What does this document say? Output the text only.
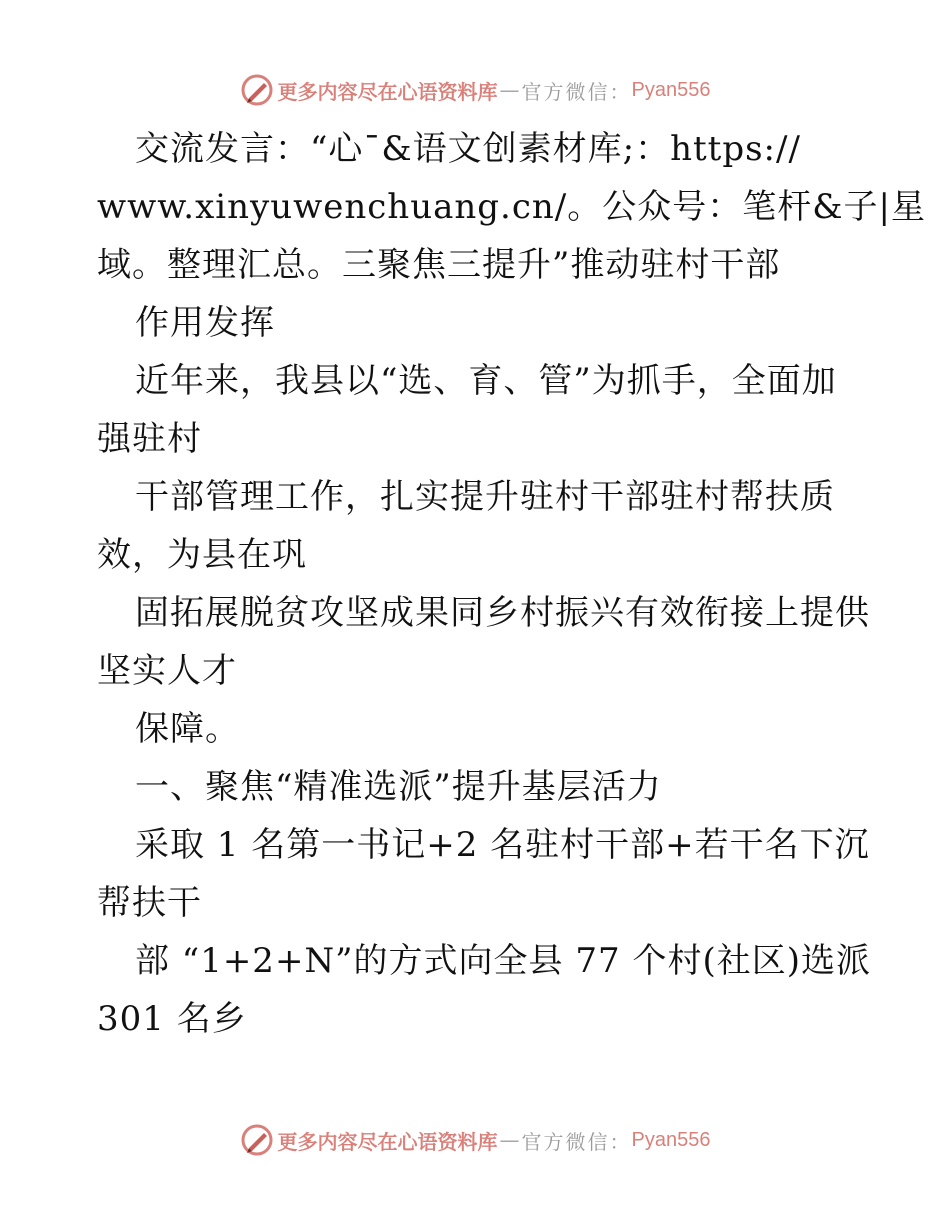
更多内容尽在心语资料库 — 官方微信： Pyan556
交流发言：“心¯&语文创素材库;：https://
www.xinyuwenchuang.cn/。公众号：笔杆&子|星
域。整理汇总。三聚焦三提升”推动驻村干部
作用发挥
近年来，我县以“选、育、管”为抓手，全面加
强驻村
干部管理工作，扎实提升驻村干部驻村帮扶质
效，为县在巩
固拓展脱贫攻坚成果同乡村振兴有效衔接上提供
坚实人才
保障。
一、聚焦“精准选派”提升基层活力
采取 1 名第一书记+2 名驻村干部+若干名下沉
帮扶干
部 “1+2+N”的方式向全县 77 个村(社区)选派
301 名乡
更多内容尽在心语资料库 — 官方微信： Pyan556
